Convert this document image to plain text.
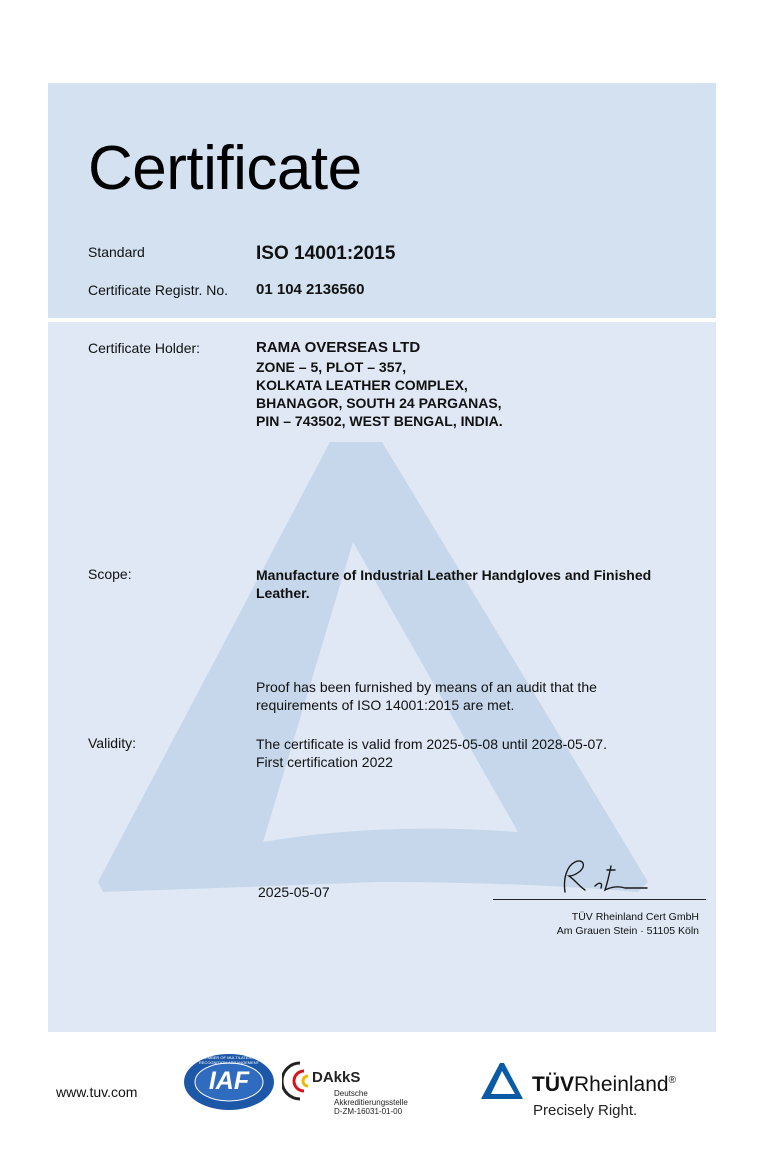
Certificate
Standard	ISO 14001:2015
Certificate Registr. No. 01 104 2136560
Certificate Holder:	RAMA OVERSEAS LTD
ZONE – 5, PLOT – 357,
KOLKATA LEATHER COMPLEX,
BHANAGOR, SOUTH 24 PARGANAS,
PIN – 743502, WEST BENGAL, INDIA.
Scope:	Manufacture of Industrial Leather Handgloves and Finished
Leather.
Proof has been furnished by means of an audit that the
requirements of ISO 14001:2015 are met.
Validity:	The certificate is valid from 2025-05-08 until 2028-05-07.
First certification 2022
2025-05-07
TÜV Rheinland Cert GmbH
Am Grauen Stein · 51105 Köln
www.tuv.com	IAF
MEMBER OF MULTILATERAL RECOGNITION ARRANGEMENT
DAkkS
Deutsche
Akkreditierungsstelle
D-ZM-16031-01-00
TÜVRheinland®
Precisely Right.
